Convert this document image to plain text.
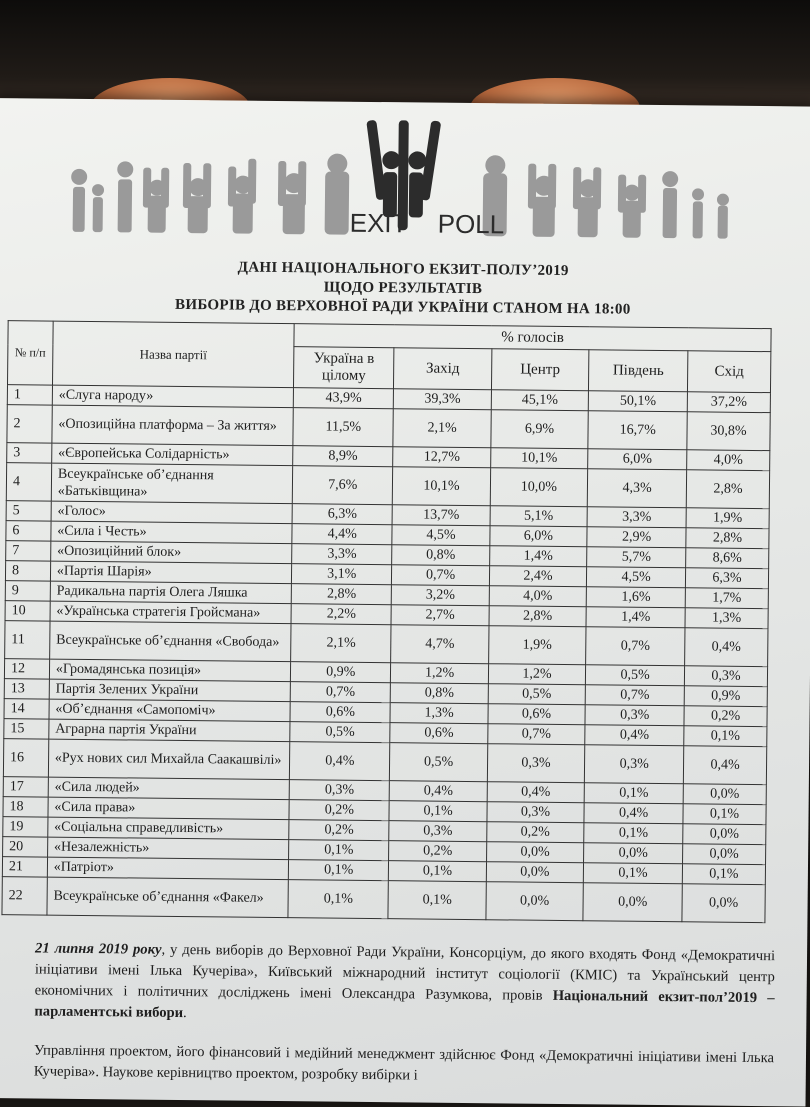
EXIT POLL
ДАНІ НАЦІОНАЛЬНОГО ЕКЗИТ-ПОЛУ’2019
ЩОДО РЕЗУЛЬТАТІВ
ВИБОРІВ ДО ВЕРХОВНОЇ РАДИ УКРАЇНИ СТАНОМ НА 18:00
№ п/п	Назва партії	% голосів				
		Україна в цілому	Захід	Центр	Південь	Схід
1	«Слуга народу»	43,9%	39,3%	45,1%	50,1%	37,2%
2	«Опозиційна платформа – За життя»	11,5%	2,1%	6,9%	16,7%	30,8%
3	«Європейська Солідарність»	8,9%	12,7%	10,1%	6,0%	4,0%
4	Всеукраїнське об’єднання «Батьківщина»	7,6%	10,1%	10,0%	4,3%	2,8%
5	«Голос»	6,3%	13,7%	5,1%	3,3%	1,9%
6	«Сила і Честь»	4,4%	4,5%	6,0%	2,9%	2,8%
7	«Опозиційний блок»	3,3%	0,8%	1,4%	5,7%	8,6%
8	«Партія Шарія»	3,1%	0,7%	2,4%	4,5%	6,3%
9	Радикальна партія Олега Ляшка	2,8%	3,2%	4,0%	1,6%	1,7%
10	«Українська стратегія Гройсмана»	2,2%	2,7%	2,8%	1,4%	1,3%
11	Всеукраїнське об’єднання «Свобода»	2,1%	4,7%	1,9%	0,7%	0,4%
12	«Громадянська позиція»	0,9%	1,2%	1,2%	0,5%	0,3%
13	Партія Зелених України	0,7%	0,8%	0,5%	0,7%	0,9%
14	«Об’єднання «Самопоміч»	0,6%	1,3%	0,6%	0,3%	0,2%
15	Аграрна партія України	0,5%	0,6%	0,7%	0,4%	0,1%
16	«Рух нових сил Михайла Саакашвілі»	0,4%	0,5%	0,3%	0,3%	0,4%
17	«Сила людей»	0,3%	0,4%	0,4%	0,1%	0,0%
18	«Сила права»	0,2%	0,1%	0,3%	0,4%	0,1%
19	«Соціальна справедливість»	0,2%	0,3%	0,2%	0,1%	0,0%
20	«Незалежність»	0,1%	0,2%	0,0%	0,0%	0,0%
21	«Патріот»	0,1%	0,1%	0,0%	0,1%	0,1%
22	Всеукраїнське об’єднання «Факел»	0,1%	0,1%	0,0%	0,0%	0,0%
21 липня 2019 року, у день виборів до Верховної Ради України, Консорціум, до якого входять Фонд «Демократичні ініціативи імені Ілька Кучеріва», Київський міжнародний інститут соціології (КМІС) та Український центр економічних і політичних досліджень імені Олександра Разумкова, провів Національний екзит-пол’2019 – парламентські вибори.
Управління проектом, його фінансовий і медійний менеджмент здійснює Фонд «Демократичні ініціативи імені Ілька Кучеріва». Наукове керівництво проектом, розробку вибірки і
